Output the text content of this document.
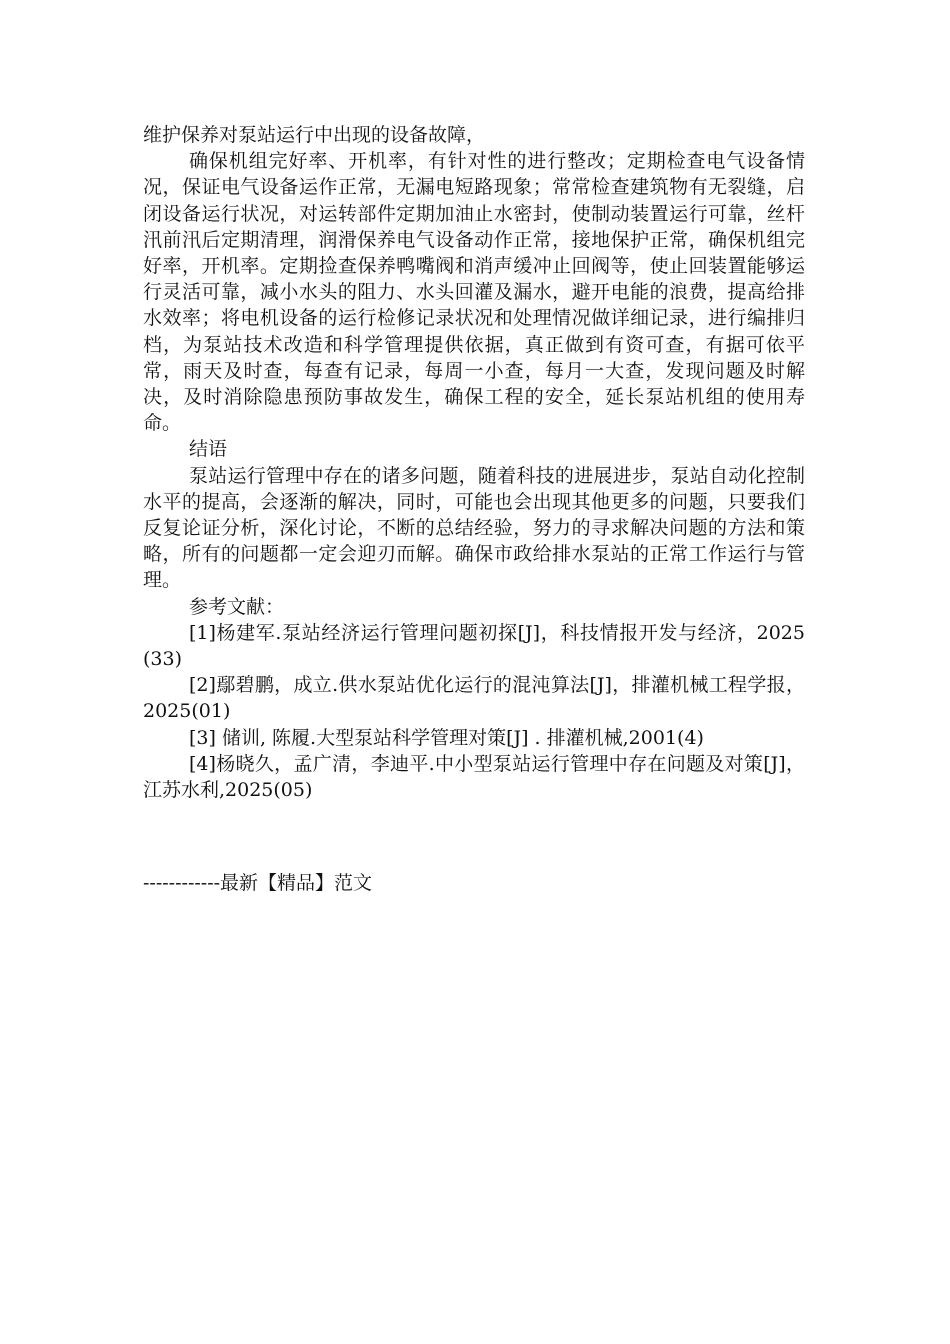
维护保养对泵站运行中出现的设备故障，

确保机组完好率、开机率，有针对性的进行整改；定期检查电气设备情况，保证电气设备运作正常，无漏电短路现象；常常检查建筑物有无裂缝，启闭设备运行状况，对运转部件定期加油止水密封，使制动装置运行可靠，丝杆汛前汛后定期清理，润滑保养电气设备动作正常，接地保护正常，确保机组完好率，开机率。定期捡查保养鸭嘴阀和消声缓冲止回阀等，使止回装置能够运行灵活可靠，减小水头的阻力、水头回灌及漏水，避开电能的浪费，提高给排水效率；将电机设备的运行检修记录状况和处理情况做详细记录，进行编排归档，为泵站技术改造和科学管理提供依据，真正做到有资可查，有据可依平常，雨天及时查，每查有记录，每周一小查，每月一大查，发现问题及时解决，及时消除隐患预防事故发生，确保工程的安全，延长泵站机组的使用寿命。

结语

泵站运行管理中存在的诸多问题，随着科技的进展进步，泵站自动化控制水平的提高，会逐渐的解决，同时，可能也会出现其他更多的问题，只要我们反复论证分析，深化讨论，不断的总结经验，努力的寻求解决问题的方法和策略，所有的问题都一定会迎刃而解。确保市政给排水泵站的正常工作运行与管理。

参考文献：

[1]杨建军.泵站经济运行管理问题初探[J]，科技情报开发与经济，2025(33)

[2]鄢碧鹏，成立.供水泵站优化运行的混沌算法[J]，排灌机械工程学报，2025(01)

[3] 储训, 陈履.大型泵站科学管理对策[J] . 排灌机械,2001(4)

[4]杨晓久，孟广清，李迪平.中小型泵站运行管理中存在问题及对策[J]，江苏水利,2025(05)

------------最新【精品】范文
